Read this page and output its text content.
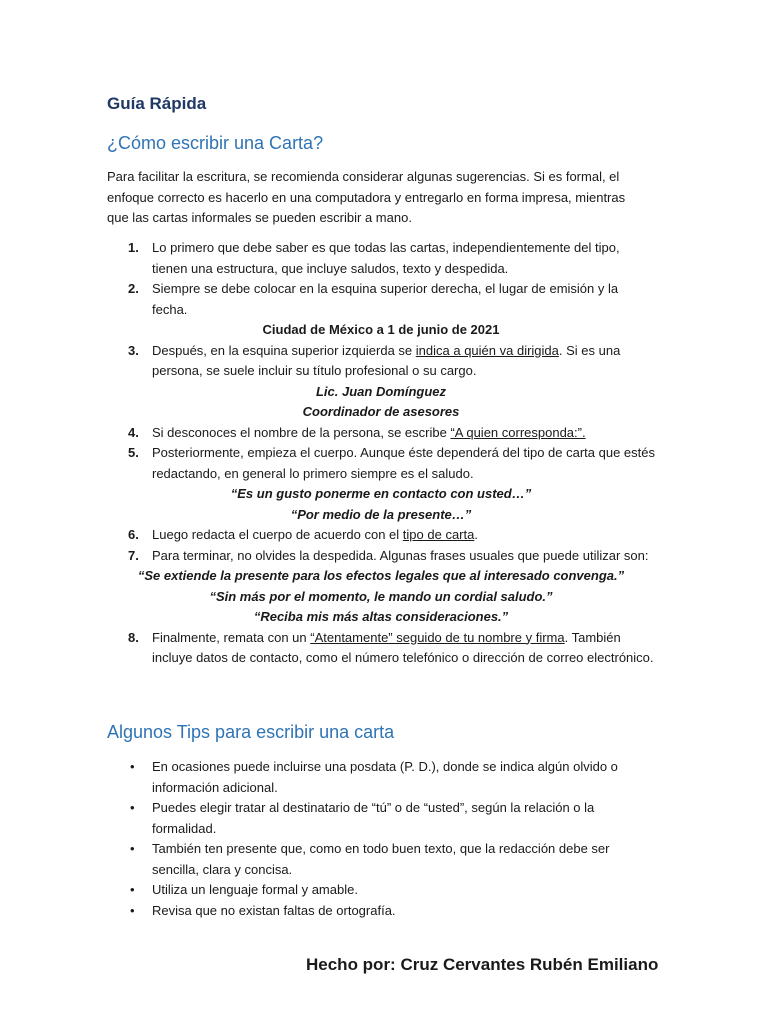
Guía Rápida
¿Cómo escribir una Carta?

Para facilitar la escritura, se recomienda considerar algunas sugerencias. Si es formal, el enfoque correcto es hacerlo en una computadora y entregarlo en forma impresa, mientras que las cartas informales se pueden escribir a mano.

1. Lo primero que debe saber es que todas las cartas, independientemente del tipo, tienen una estructura, que incluye saludos, texto y despedida.
2. Siempre se debe colocar en la esquina superior derecha, el lugar de emisión y la fecha.
Ciudad de México a 1 de junio de 2021
3. Después, en la esquina superior izquierda se indica a quién va dirigida. Si es una persona, se suele incluir su título profesional o su cargo.
Lic. Juan Domínguez
Coordinador de asesores
4. Si desconoces el nombre de la persona, se escribe “A quien corresponda:”.
5. Posteriormente, empieza el cuerpo. Aunque éste dependerá del tipo de carta que estés redactando, en general lo primero siempre es el saludo.
“Es un gusto ponerme en contacto con usted…”
“Por medio de la presente…”
6. Luego redacta el cuerpo de acuerdo con el tipo de carta.
7. Para terminar, no olvides la despedida. Algunas frases usuales que puede utilizar son:
“Se extiende la presente para los efectos legales que al interesado convenga.”
“Sin más por el momento, le mando un cordial saludo.”
“Reciba mis más altas consideraciones.”
8. Finalmente, remata con un “Atentamente” seguido de tu nombre y firma. También incluye datos de contacto, como el número telefónico o dirección de correo electrónico.
Algunos Tips para escribir una carta
• En ocasiones puede incluirse una posdata (P. D.), donde se indica algún olvido o información adicional.
• Puedes elegir tratar al destinatario de “tú” o de “usted”, según la relación o la formalidad.
• También ten presente que, como en todo buen texto, que la redacción debe ser sencilla, clara y concisa.
• Utiliza un lenguaje formal y amable.
• Revisa que no existan faltas de ortografía.

Hecho por: Cruz Cervantes Rubén Emiliano
